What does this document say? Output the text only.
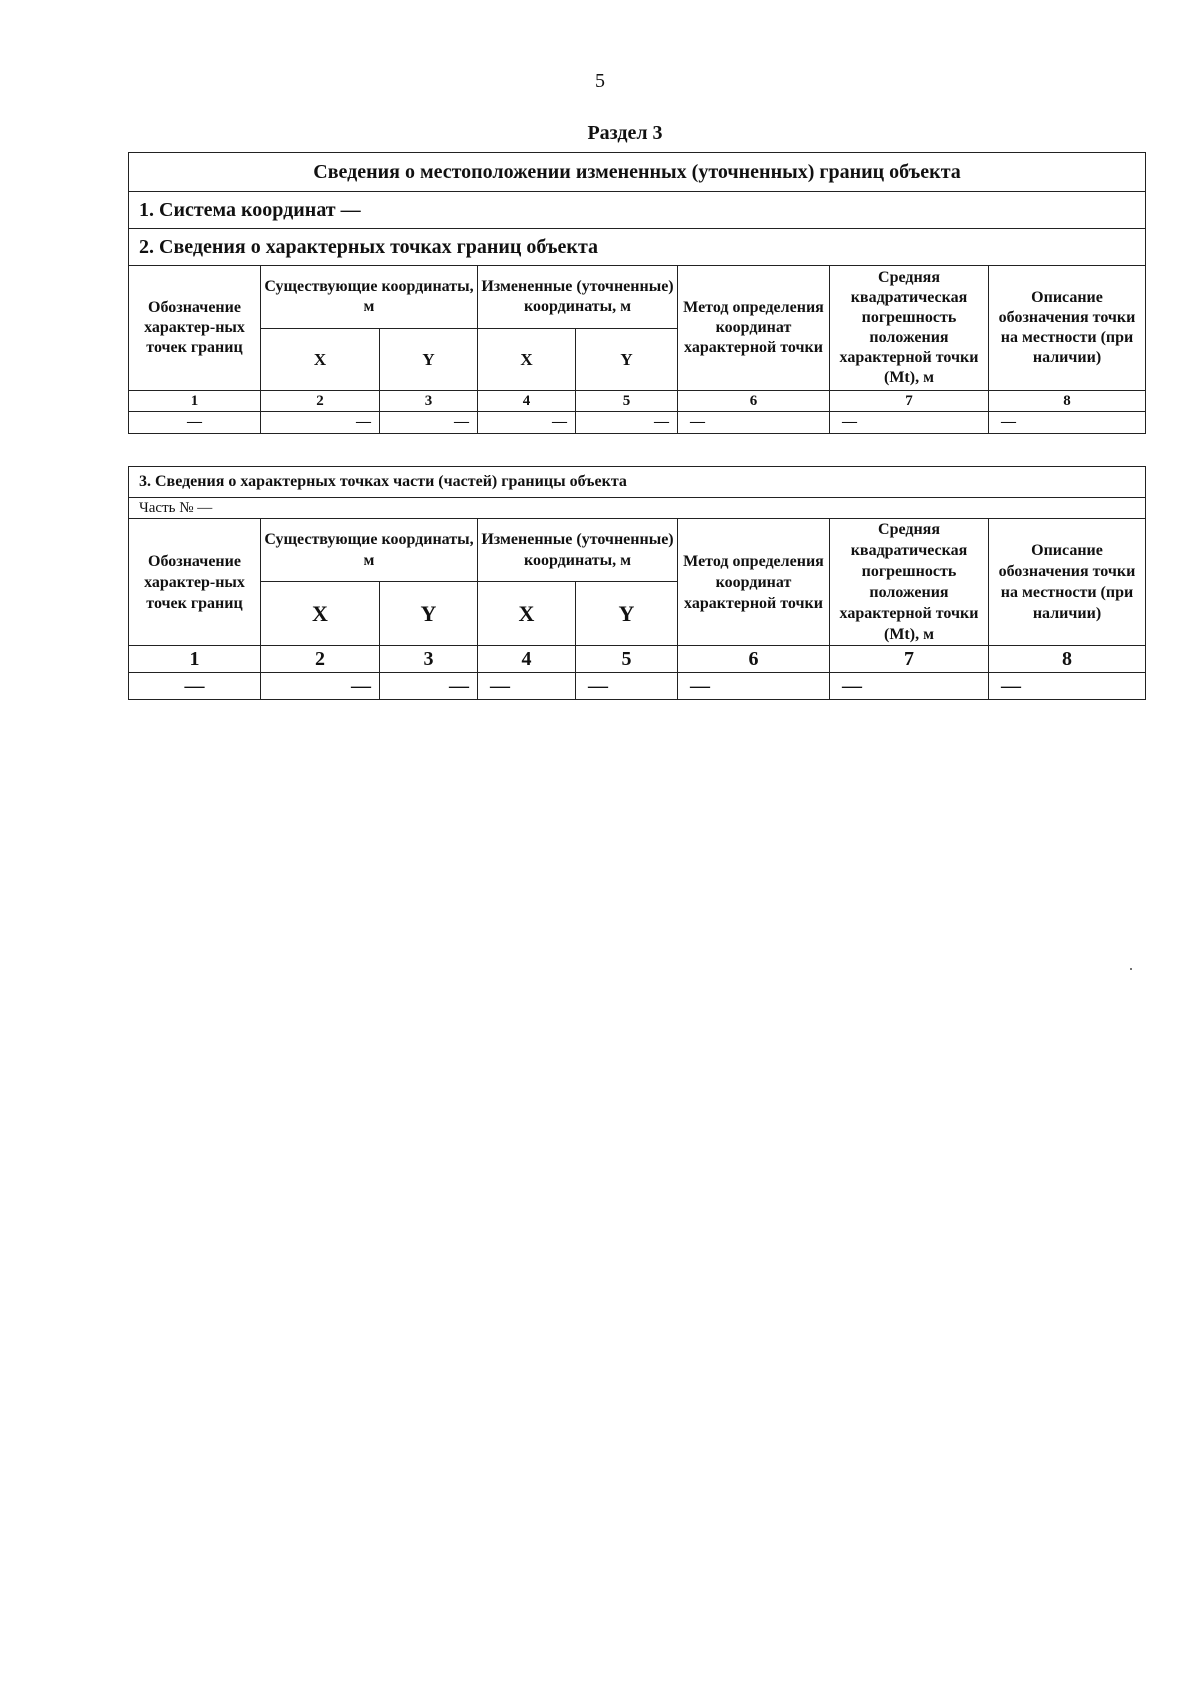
5
Раздел 3
Сведения о местоположении измененных (уточненных) границ объекта							
1. Система координат —							
2. Сведения о характерных точках границ объекта							
Обозначение характер-ных точек границ	Существующие координаты, м		Измененные (уточненные) координаты, м		Метод определения координат характерной точки	Средняя квадратическая погрешность положения характерной точки (Mt), м	Описание обозначения точки на местности (при наличии)
	X	Y	X	Y			
1	2	3	4	5	6	7	8
—	—	—	—	—	—	—	—
3. Сведения о характерных точках части (частей) границы объекта							
Часть № —							
Обозначение характер-ных точек границ	Существующие координаты, м		Измененные (уточненные) координаты, м		Метод определения координат характерной точки	Средняя квадратическая погрешность положения характерной точки (Mt), м	Описание обозначения точки на местности (при наличии)
	X	Y	X	Y			
1	2	3	4	5	6	7	8
—	—	—	—	—	—	—	—
